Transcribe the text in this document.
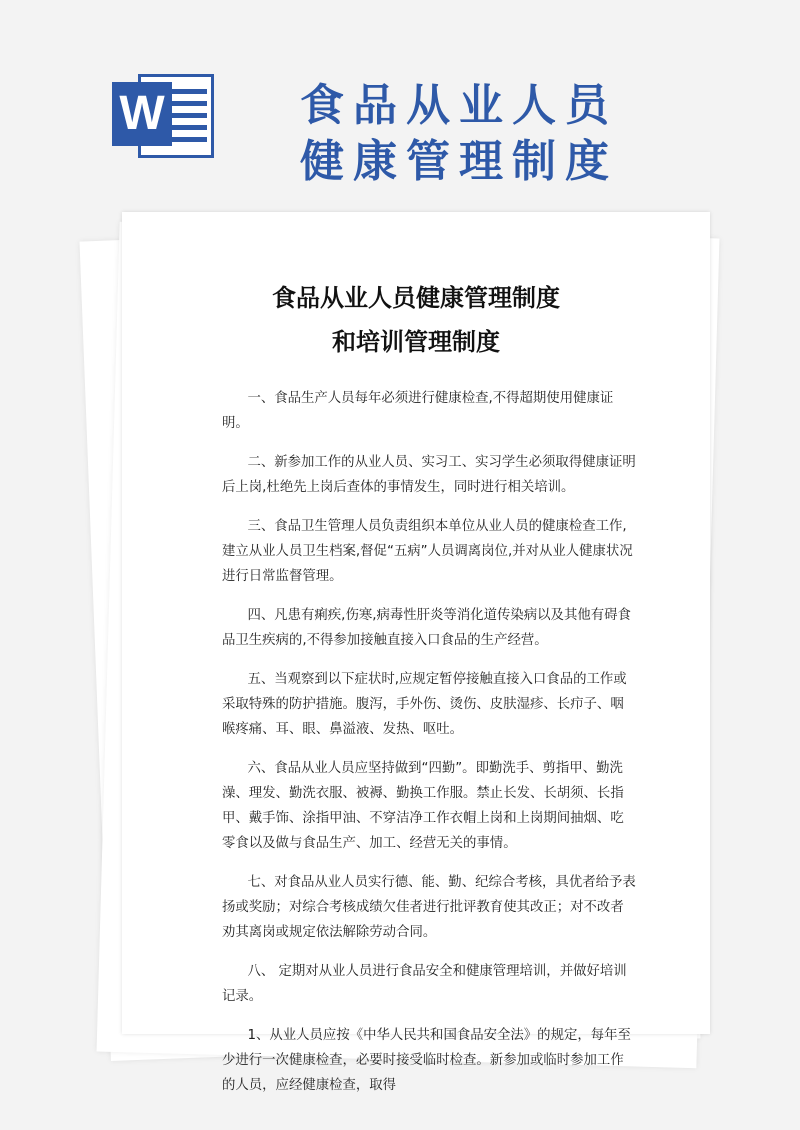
W	食品从业人员
健康管理制度
食品从业人员健康管理制度
和培训管理制度

一、食品生产人员每年必须进行健康检查,不得超期使用健康证明。

二、新参加工作的从业人员、实习工、实习学生必须取得健康证明后上岗,杜绝先上岗后查体的事情发生，同时进行相关培训。

三、食品卫生管理人员负责组织本单位从业人员的健康检查工作,建立从业人员卫生档案,督促“五病”人员调离岗位,并对从业人健康状况进行日常监督管理。

四、凡患有痢疾,伤寒,病毒性肝炎等消化道传染病以及其他有碍食品卫生疾病的,不得参加接触直接入口食品的生产经营。

五、当观察到以下症状时,应规定暂停接触直接入口食品的工作或采取特殊的防护措施。腹泻，手外伤、烫伤、皮肤湿疹、长疖子、咽喉疼痛、耳、眼、鼻溢液、发热、呕吐。

六、食品从业人员应坚持做到“四勤”。即勤洗手、剪指甲、勤洗澡、理发、勤洗衣服、被褥、勤换工作服。禁止长发、长胡须、长指甲、戴手饰、涂指甲油、不穿洁净工作衣帽上岗和上岗期间抽烟、吃零食以及做与食品生产、加工、经营无关的事情。

七、对食品从业人员实行德、能、勤、纪综合考核，具优者给予表扬或奖励；对综合考核成绩欠佳者进行批评教育使其改正；对不改者劝其离岗或规定依法解除劳动合同。

八、 定期对从业人员进行食品安全和健康管理培训，并做好培训记录。

1、从业人员应按《中华人民共和国食品安全法》的规定，每年至少进行一次健康检查，必要时接受临时检查。新参加或临时参加工作的人员，应经健康检查，取得
